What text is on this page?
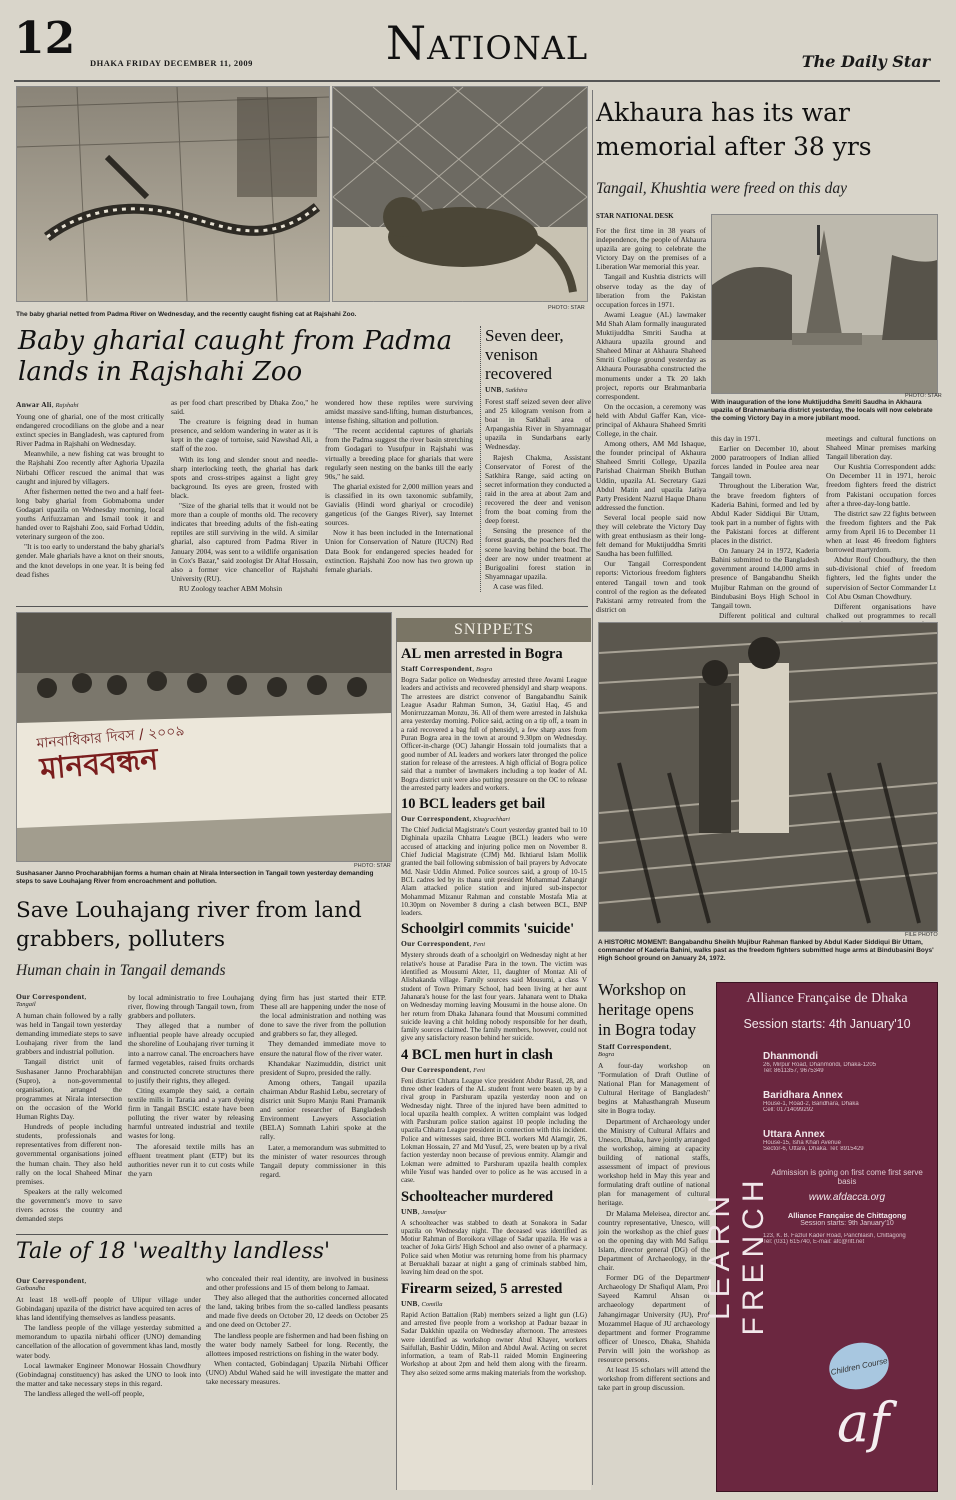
12 DHAKA FRIDAY DECEMBER 11, 2009	National	The Daily Star
The baby gharial netted from Padma River on Wednesday, and the recently caught fishing cat at Rajshahi Zoo.
PHOTO: STAR
Baby gharial caught from Padma lands in Rajshahi Zoo
Anwar Ali, Rajshahi

Young one of gharial, one of the most critically endangered crocodilians on the globe and a near extinct species in Bangladesh, was captured from River Padma in Rajshahi on Wednesday.

Meanwhile, a new fishing cat was brought to the Rajshahi Zoo recently after Aghoria Upazila Nirbahi Officer rescued the animal that was caught and injured by villagers.

After fishermen netted the two and a half feet-long baby gharial from Gobmaboma under Godagari upazila on Wednesday morning, local youths Arifuzzaman and Ismail took it and handed over to Rajshahi Zoo, said Forhad Uddin, veterinary surgeon of the zoo.

"It is too early to understand the baby gharial's gender. Male gharials have a knot on their snouts, and the knot develops in one year. It is being fed dead fishes

as per food chart prescribed by Dhaka Zoo," he said.

The creature is feigning dead in human presence, and seldom wandering in water as it is kept in the cage of tortoise, said Nawshad Ali, a staff of the zoo.

With its long and slender snout and needle-sharp interlocking teeth, the gharial has dark spots and cross-stripes against a light grey background. Its eyes are green, frosted with black.

"Size of the gharial tells that it would not be more than a couple of months old. The recovery indicates that breeding adults of the fish-eating reptiles are still surviving in the wild. A similar gharial, also captured from Padma River in January 2004, was sent to a wildlife organisation in Cox's Bazar," said zoologist Dr Altaf Hossain, also a former vice chancellor of Rajshahi University (RU).

RU Zoology teacher ABM Mohsin

wondered how these reptiles were surviving amidst massive sand-lifting, human disturbances, intense fishing, siltation and pollution.

"The recent accidental captures of gharials from the Padma suggest the river basin stretching from Godagari to Yusufpur in Rajshahi was virtually a breeding place for gharials that were regularly seen nesting on the banks till the early 90s," he said.

The gharial existed for 2,000 million years and is classified in its own taxonomic subfamily, Gavialis (Hindi word ghariyal or crocodile) gangeticus (of the Ganges River), say Internet sources.

Now it has been included in the International Union for Conservation of Nature (IUCN) Red Data Book for endangered species headed for extinction. Rajshahi Zoo now has two grown up female gharials.

Seven deer, venison recovered
UNB, Satkhira

Forest staff seized seven deer alive and 25 kilogram venison from a boat in Satkhali area of Arpangashia River in Shyamnagar upazila in Sundarbans early Wednesday.

Rajesh Chakma, Assistant Conservator of Forest of the Satkhira Range, said acting on secret information they conducted a raid in the area at about 2am and recovered the deer and venison from the boat coming from the deep forest.

Sensing the presence of the forest guards, the poachers fled the scene leaving behind the boat. The deer are now under treatment at Burigoalini forest station in Shyamnagar upazila.

A case was filed.

Akhaura has its war memorial after 38 yrs
Tangail, Khushtia were freed on this day
STAR NATIONAL DESK

For the first time in 38 years of independence, the people of Akhaura upazila are going to celebrate the Victory Day on the premises of a Liberation War memorial this year.

Tangail and Kushtia districts will observe today as the day of liberation from the Pakistan occupation forces in 1971.

Awami League (AL) lawmaker Md Shah Alam formally inaugurated Muktijuddha Smriti Saudha at Akhaura upazila ground and Shaheed Minar at Akhaura Shaheed Smriti College ground yesterday as Akhaura Pourasabha constructed the monuments under a Tk 20 lakh project, reports our Brahmanbaria correspondent.

On the occasion, a ceremony was held with Abdul Gaffer Kan, vice-principal of Akhaura Shaheed Smriti College, in the chair.

Among others, AM Md Ishaque, the founder principal of Akhaura Shaheed Smriti College, Upazila Parishad Chairman Sheikh Buthan Uddin, upazila AL Secretary Gazi Abdul Matin and upazila Jatiya Party President Nazrul Haque Dhanu addressed the function.

Several local people said now they will celebrate the Victory Day with great enthusiasm as their long-felt demand for Muktijuddha Smriti Saudha has been fulfilled.

Our Tangail Correspondent reports: Victorious freedom fighters entered Tangail town and took control of the region as the defeated Pakistani army retreated from the district on

PHOTO: STAR
With inauguration of the lone Muktijuddha Smriti Saudha in Akhaura upazila of Brahmanbaria district yesterday, the locals will now celebrate the coming Victory Day in a more jubilant mood.

this day in 1971.

Earlier on December 10, about 2000 paratroopers of Indian allied forces landed in Poulee area near Tangail town.

Throughout the Liberation War, the brave freedom fighters of Kaderia Bahini, formed and led by Abdul Kader Siddiqui Bir Uttam, took part in a number of fights with the Pakistani forces at different places in the district.

On January 24 in 1972, Kaderia Bahini submitted to the Bangladesh government around 14,000 arms in presence of Bangabandhu Sheikh Mujibur Rahman on the ground of Bindubasini Boys High School in Tangail town.

Different political and cultural

meetings and cultural functions on Shaheed Minar premises marking Tangail liberation day.

Our Kushtia Correspondent adds: On December 11 in 1971, heroic freedom fighters freed the district from Pakistani occupation forces after a three-day-long battle.

The district saw 22 fights between the freedom fighters and the Pak army from April 16 to December 11 when at least 46 freedom fighters borrowed martyrdom.

Abdur Rouf Choudhury, the then sub-divisional chief of freedom fighters, led the fights under the supervision of Sector Commander Lt Col Abu Osman Chowdhury.

Different organisations have chalked out programmes to recall

FILE PHOTO
A HISTORIC MOMENT: Bangabandhu Sheikh Mujibur Rahman flanked by Abdul Kader Siddiqui Bir Uttam, commander of Kaderia Bahini, walks past as the freedom fighters submitted huge arms at Bindubasini Boys' High School ground on January 24, 1972.
মানবাধিকার দিবস / ২০০৯
মানববন্ধন
PHOTO: STAR
Sushasaner Janno Procharabhijan forms a human chain at Nirala Intersection in Tangail town yesterday demanding steps to save Louhajang River from encroachment and pollution.
Save Louhajang river from land grabbers, polluters
Human chain in Tangail demands
Our Correspondent,
Tangail

A human chain followed by a rally was held in Tangail town yesterday demanding immediate steps to save Louhajang river from the land grabbers and industrial pollution.

Tangail district unit of Sushasaner Janno Procharabhijan (Supro), a non-governmental organisation, arranged the programmes at Nirala intersection on the occasion of the World Human Rights Day.

Hundreds of people including students, professionals and representatives from different non-governmental organisations joined the human chain. They also held rally on the local Shaheed Minar premises.

Speakers at the rally welcomed the government's move to save rivers across the country and demanded steps

by local administratio to free Louhajang river, flowing through Tangail town, from grabbers and polluters.

They alleged that a number of influential people have already occupied the shoreline of Louhajang river turning it into a narrow canal. The encroachers have farmed vegetables, raised fruits orchards and constructed concrete structures there to justify their rights, they alleged.

Citing example they said, a certain textile mills in Taratia and a yarn dyeing firm in Tangail BSCIC estate have been polluting the river water by releasing harmful untreated industrial and textile wastes for long.

The aforesaid textile mills has an effluent treatment plant (ETP) but its authorities never run it to cut costs while the yarn

dying firm has just started their ETP. These all are happening under the nose of the local administration and nothing was done to save the river from the pollution and grabbers so far, they alleged.

They demanded immediate move to ensure the natural flow of the river water.

Khandakar Nazimuddin, district unit president of Supro, presided the rally.

Among others, Tangail upazila chairman Abdur Rashid Lebu, secretary of district unit Supro Manju Rani Pramanik and senior researcher of Bangladesh Environment Lawyers Association (BELA) Somnath Lahiri spoke at the rally.

Later, a memorandum was submitted to the minister of water resources through Tangail deputy commissioner in this regard.

Tale of 18 'wealthy landless'
Our Correspondent,
Gaibandha

At least 18 well-off people of Ulipur village under Gobindaganj upazila of the district have acquired ten acres of khas land identifying themselves as landless peasants.

The landless people of the village yesterday submitted a memorandum to upazila nirbahi officer (UNO) demanding cancellation of the allocation of government khas land, mostly water body.

Local lawmaker Engineer Monowar Hossain Chowdhury (Gobindagnaj constituency) has asked the UNO to look into the matter and take necessary steps in this regard.

The landless alleged the well-off people,

who concealed their real identity, are involved in business and other professions and 15 of them belong to Jamaat.

They also alleged that the authorities concerned allocated the land, taking bribes from the so-called landless peasants and made five deeds on October 20, 12 deeds on October 25 and one deed on October 27.

The landless people are fishermen and had been fishing on the water body namely Satbeel for long. Recently, the allottees imposed restrictions on fishing in the water body.

When contacted, Gobindaganj Upazila Nirbahi Officer (UNO) Abdul Wahed said he will investigate the matter and take necessary measures.

SNIPPETS
AL men arrested in Bogra
Staff Correspondent, Bogra
Bogra Sadar police on Wednesday arrested three Awami League leaders and activists and recovered phensidyl and sharp weapons. The arrestees are district convenor of Bangabandhu Sainik League Asadur Rahman Sumon, 34, Gaziul Haq, 45 and Monirruzzaman Monzu, 36. All of them were arrested in Jalshuka area yesterday morning. Police said, acting on a tip off, a team in a raid recovered a bag full of phensidyl, a few sharp axes from Puran Bogra area in the town at around 9.30pm on Wednesday. Officer-in-charge (OC) Jahangir Hossain told journalists that a good number of AL leaders and workers later thronged the police station for release of the arrestees. A high official of Bogra police said that a number of lawmakers including a top leader of AL Bogra district unit were also putting pressure on the OC to release the arrested party leaders and workers.
10 BCL leaders get bail
Our Correspondent, Khagrachhari
The Chief Judicial Magistrate's Court yesterday granted bail to 10 Dighinala upazila Chhatra League (BCL) leaders who were accused of attacking and injuring police men on November 8. Chief Judicial Magistrate (CJM) Md. Ikhtiarul Islam Mollik granted the bail following submission of bail prayers by Advocate Md. Nasir Uddin Ahmed. Police sources said, a group of 10-15 BCL cadres led by its thana unit president Mohammad Zahangir Alam attacked police station and injured sub-inspector Mohammad Mizanur Rahman and constable Mostafa Mia at 10.30pm on November 8 during a clash between BCL, BNP leaders.
Schoolgirl commits 'suicide'
Our Correspondent, Feni
Mystery shrouds death of a schoolgirl on Wednesday night at her relative's house at Paradise Para in the town. The victim was identified as Mousumi Akter, 11, daughter of Montaz Ali of Alishakanda village. Family sources said Mousumi, a class V student of Town Primary School, had been living at her aunt Jahanara's house for the last four years. Jahanara went to Dhaka on Wednesday morning leaving Mousumi in the house alone. On her return from Dhaka Jahanara found that Mousumi committed suicide leaving a chit holding nobody responsible for her death, family sources claimed. The family members, however, could not give any satisfactory reason behind her suicide.
4 BCL men hurt in clash
Our Correspondent, Feni
Feni district Chhatra League vice president Abdur Rasul, 28, and three other leaders of the AL student front were beaten up by a rival group in Parshuram upazila yesterday noon and on Wednesday night. Three of the injured have been admitted to local upazila health complex. A written complaint was lodged with Parshuram police station against 10 people including the upazila Chhatra League president in connection with this incident. Police and witnesses said, three BCL workers Md Alamgir, 26, Lokman Hossain, 27 and Md Yusuf, 25, were beaten up by a rival faction yesterday noon because of previous enmity. Alamgir and Lokman were admitted to Parshuram upazila health complex while Yusuf was handed over to police as he was accused in a case.
Schoolteacher murdered
UNB, Jamalpur
A schoolteacher was stabbed to death at Sonakora in Sadar upazila on Wednesday night. The deceased was identified as Motiur Rahman of Boroikora village of Sadar upazila. He was a teacher of Joka Girls' High School and also owner of a pharmacy. Police said when Motiur was returning home from his pharmacy at Beruakhali bazaar at night a gang of criminals stabbed him, leaving him dead on the spot.
Firearm seized, 5 arrested
UNB, Comilla
Rapid Action Battalion (Rab) members seized a light gun (LG) and arrested five people from a workshop at Paduar bazaar in Sadar Dakkhin upazila on Wednesday afternoon. The arrestees were identified as workshop owner Abul Khayer, workers Saifullah, Bashir Uddin, Milon and Abdul Awal. Acting on secret information, a team of Rab-11 raided Momin Engineering Workshop at about 2pm and held them along with the firearm. They also seized some arms making materials from the workshop.
Workshop on heritage opens in Bogra today
Staff Correspondent,
Bogra

A four-day workshop on "Formulation of Draft Outline of National Plan for Management of Cultural Heritage of Bangladesh" begins at Mahasthangrah Museum site in Bogra today.

Department of Archaeology under the Ministry of Cultural Affairs and Unesco, Dhaka, have jointly arranged the workshop, aiming at capacity building of national staffs, assessment of impact of previous workshop held in May this year and formulating draft outline of national plan for management of cultural heritage.

Dr Malama Meleisea, director and country representative, Unesco, will join the workshop as the chief guest on the opening day with Md Safiqul Islam, director general (DG) of the Department of Archaeology, in the chair.

Former DG of the Department Archaeology Dr Shafiqul Alam, Prof Sayeed Kamrul Ahsan of archaeology department of Jahangirnagar University (JU), Prof Mozammel Haque of JU archaeology department and former Programme officer of Unesco, Dhaka, Shahida Pervin will join the workshop as resource persons.

At least 15 scholars will attend the workshop from different sections and take part in group discussion.

Alliance Française de Dhaka
Session starts: 4th January'10
LEARN FRENCH
Dhanmondi
26, Mirpur Road, Dhanmondi, Dhaka-1205
Tel: 8611357, 9675349
Baridhara Annex
House-1, Road-2, Baridhara, Dhaka
Cell: 01714099292
Uttara Annex
House-15, Isha Khan Avenue
Sector-6, Uttara, Dhaka. Tel: 8915429
Admission is going on first come first serve basis
www.afdacca.org
Alliance Française de Chittagong
Session starts: 9th January'10
123, K. B. Fazlul Kader Road, Panchlaish, Chittagong
Tel: (031) 615740, E-mail: afc@ritt.net
Children Course
af
